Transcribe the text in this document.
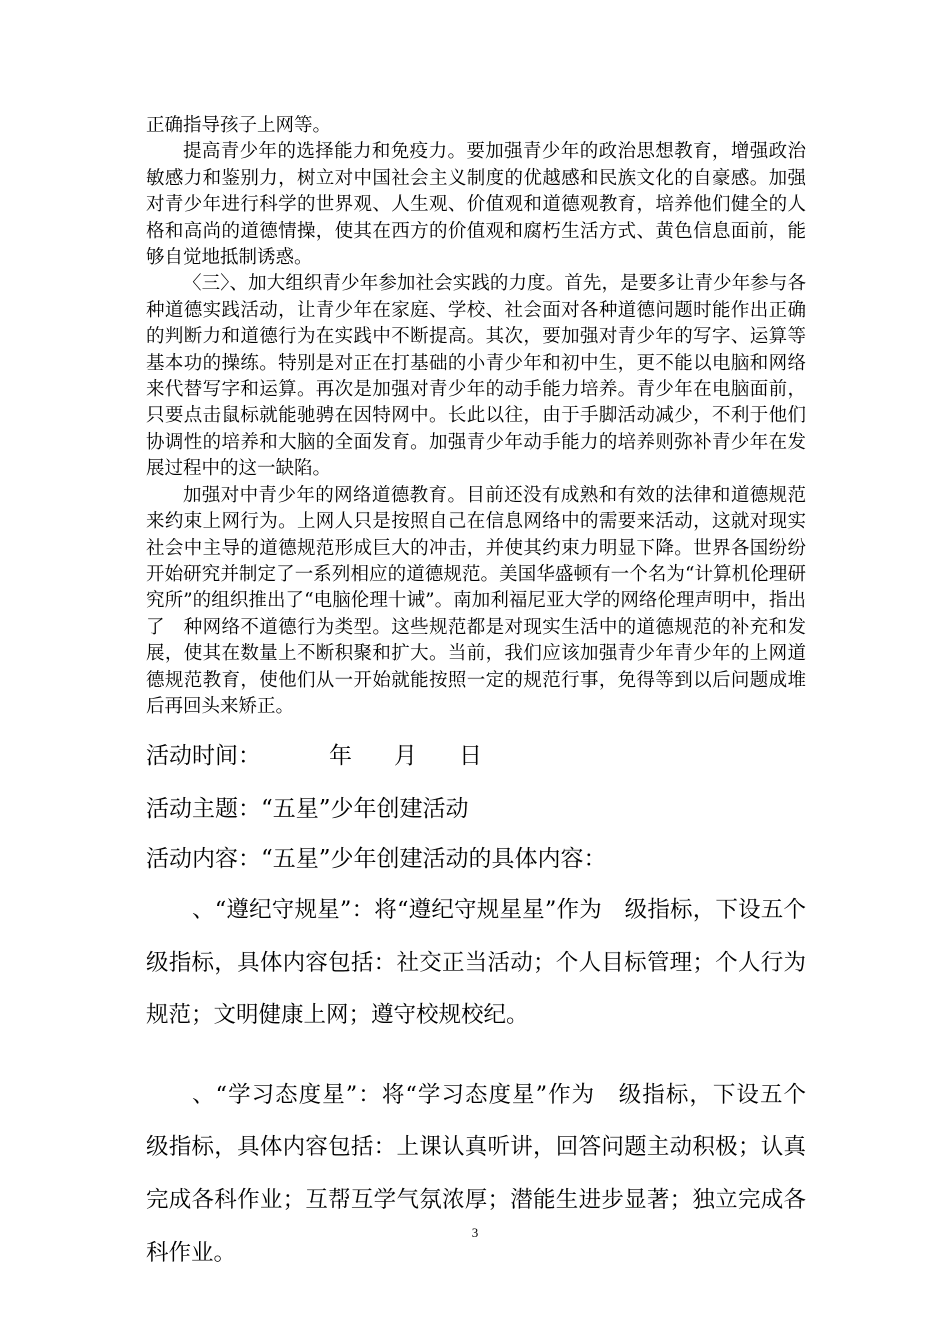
正确指导孩子上网等。

提高青少年的选择能力和免疫力。要加强青少年的政治思想教育，增强政治敏感力和鉴别力，树立对中国社会主义制度的优越感和民族文化的自豪感。加强对青少年进行科学的世界观、人生观、价值观和道德观教育，培养他们健全的人格和高尚的道德情操，使其在西方的价值观和腐朽生活方式、黄色信息面前，能够自觉地抵制诱惑。

〈三〉、加大组织青少年参加社会实践的力度。首先，是要多让青少年参与各种道德实践活动，让青少年在家庭、学校、社会面对各种道德问题时能作出正确的判断力和道德行为在实践中不断提高。其次，要加强对青少年的写字、运算等基本功的操练。特别是对正在打基础的小青少年和初中生，更不能以电脑和网络来代替写字和运算。再次是加强对青少年的动手能力培养。青少年在电脑面前，只要点击鼠标就能驰骋在因特网中。长此以往，由于手脚活动减少，不利于他们协调性的培养和大脑的全面发育。加强青少年动手能力的培养则弥补青少年在发展过程中的这一缺陷。

加强对中青少年的网络道德教育。目前还没有成熟和有效的法律和道德规范来约束上网行为。上网人只是按照自己在信息网络中的需要来活动，这就对现实社会中主导的道德规范形成巨大的冲击，并使其约束力明显下降。世界各国纷纷开始研究并制定了一系列相应的道德规范。美国华盛顿有一个名为“计算机伦理研究所”的组织推出了“电脑伦理十诫”。南加利福尼亚大学的网络伦理声明中，指出了　种网络不道德行为类型。这些规范都是对现实生活中的道德规范的补充和发展，使其在数量上不断积聚和扩大。当前，我们应该加强青少年青少年的上网道德规范教育，使他们从一开始就能按照一定的规范行事，免得等到以后问题成堆后再回头来矫正。

活动时间：	年 月 日
活动主题：“五星”少年创建活动
活动内容：“五星”少年创建活动的具体内容：

、“遵纪守规星”：将“遵纪守规星星”作为　级指标，下设五个　级指标，具体内容包括：社交正当活动；个人目标管理；个人行为规范；文明健康上网；遵守校规校纪。

、“学习态度星”：将“学习态度星”作为　级指标，下设五个　级指标，具体内容包括：上课认真听讲，回答问题主动积极；认真完成各科作业；互帮互学气氛浓厚；潜能生进步显著；独立完成各科作业。

3
